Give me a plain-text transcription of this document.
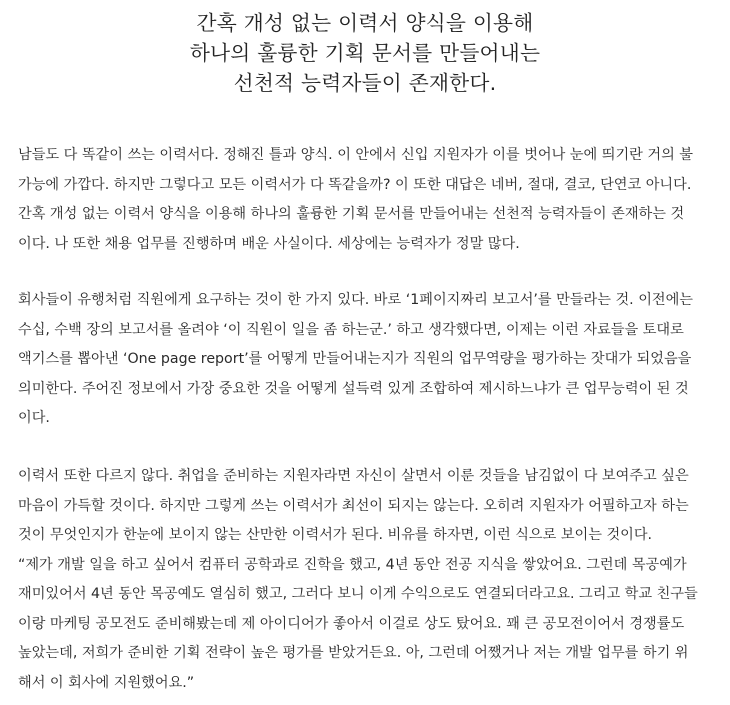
간혹 개성 없는 이력서 양식을 이용해
하나의 훌륭한 기획 문서를 만들어내는
선천적 능력자들이 존재한다.
남들도 다 똑같이 쓰는 이력서다. 정해진 틀과 양식. 이 안에서 신입 지원자가 이를 벗어나 눈에 띄기란 거의 불
가능에 가깝다. 하지만 그렇다고 모든 이력서가 다 똑같을까? 이 또한 대답은 네버, 절대, 결코, 단연코 아니다.
간혹 개성 없는 이력서 양식을 이용해 하나의 훌륭한 기획 문서를 만들어내는 선천적 능력자들이 존재하는 것
이다. 나 또한 채용 업무를 진행하며 배운 사실이다. 세상에는 능력자가 정말 많다.
회사들이 유행처럼 직원에게 요구하는 것이 한 가지 있다. 바로 ‘1페이지짜리 보고서’를 만들라는 것. 이전에는
수십, 수백 장의 보고서를 올려야 ‘이 직원이 일을 좀 하는군.’ 하고 생각했다면, 이제는 이런 자료들을 토대로
액기스를 뽑아낸 ‘One page report’를 어떻게 만들어내는지가 직원의 업무역량을 평가하는 잣대가 되었음을
의미한다. 주어진 정보에서 가장 중요한 것을 어떻게 설득력 있게 조합하여 제시하느냐가 큰 업무능력이 된 것
이다.
이력서 또한 다르지 않다. 취업을 준비하는 지원자라면 자신이 살면서 이룬 것들을 남김없이 다 보여주고 싶은
마음이 가득할 것이다. 하지만 그렇게 쓰는 이력서가 최선이 되지는 않는다. 오히려 지원자가 어필하고자 하는
것이 무엇인지가 한눈에 보이지 않는 산만한 이력서가 된다. 비유를 하자면, 이런 식으로 보이는 것이다.
“제가 개발 일을 하고 싶어서 컴퓨터 공학과로 진학을 했고, 4년 동안 전공 지식을 쌓았어요. 그런데 목공예가
재미있어서 4년 동안 목공예도 열심히 했고, 그러다 보니 이게 수익으로도 연결되더라고요. 그리고 학교 친구들
이랑 마케팅 공모전도 준비해봤는데 제 아이디어가 좋아서 이걸로 상도 탔어요. 꽤 큰 공모전이어서 경쟁률도
높았는데, 저희가 준비한 기획 전략이 높은 평가를 받았거든요. 아, 그런데 어쨌거나 저는 개발 업무를 하기 위
해서 이 회사에 지원했어요.”
